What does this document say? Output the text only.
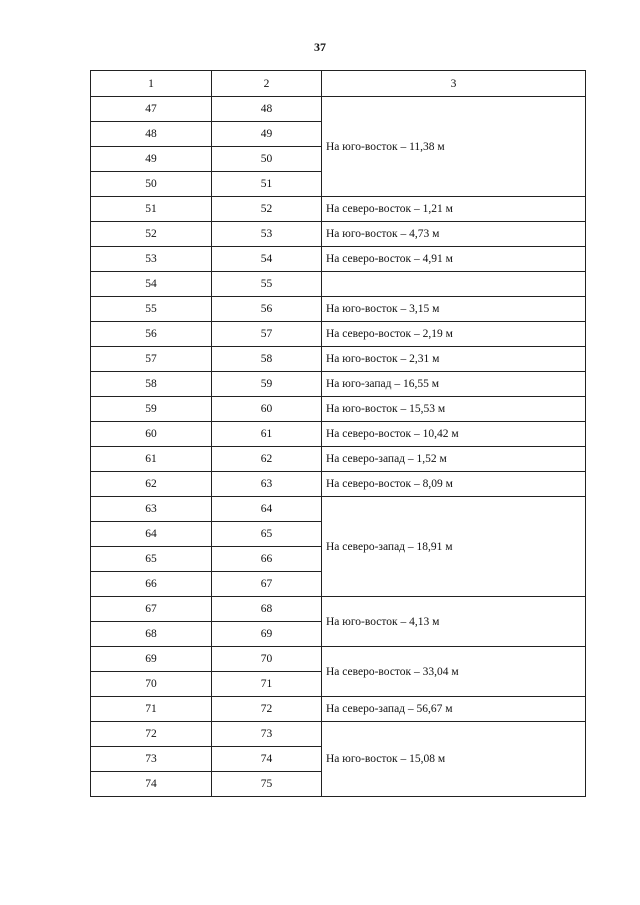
37
1	2	3
47	48	На юго-восток – 11,38 м
48	49	
49	50	
50	51	
51	52	На северо-восток – 1,21 м
52	53	На юго-восток – 4,73 м
53	54	На северо-восток – 4,91 м
54	55	
55	56	На юго-восток – 3,15 м
56	57	На северо-восток – 2,19 м
57	58	На юго-восток – 2,31 м
58	59	На юго-запад – 16,55 м
59	60	На юго-восток – 15,53 м
60	61	На северо-восток – 10,42 м
61	62	На северо-запад – 1,52 м
62	63	На северо-восток – 8,09 м
63	64	На северо-запад – 18,91 м
64	65	
65	66	
66	67	
67	68	На юго-восток – 4,13 м
68	69	
69	70	На северо-восток – 33,04 м
70	71	
71	72	На северо-запад – 56,67 м
72	73	На юго-восток – 15,08 м
73	74	
74	75	
